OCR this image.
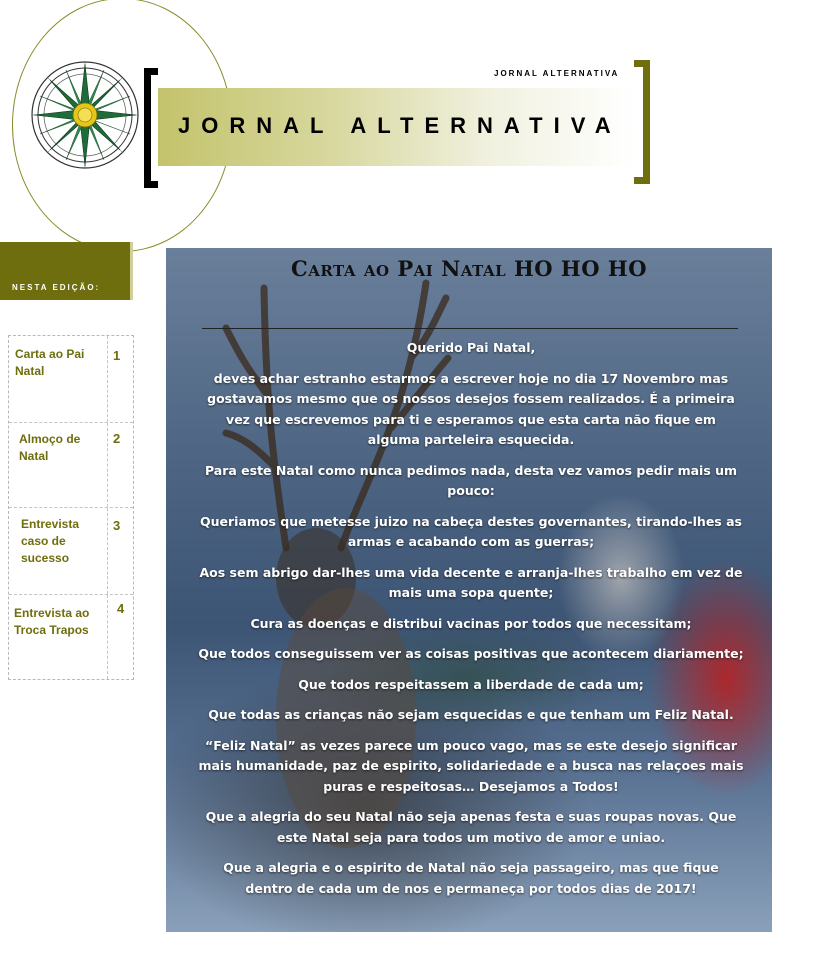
JORNAL ALTERNATIVA
JORNAL ALTERNATIVA
NESTA EDIÇÃO:
Carta ao Pai Natal
1
Almoço de Natal
2
Entrevista caso de sucesso
3
Entrevista ao Troca Trapos
4
Carta ao Pai Natal HO HO HO

Querido Pai Natal,

deves achar estranho estarmos a escrever hoje no dia 17 Novembro mas gostavamos mesmo que os nossos desejos fossem realizados. É a primeira vez que escrevemos para ti e esperamos que esta carta não fique em alguma parteleira esquecida.

Para este Natal como nunca pedimos nada, desta vez vamos pedir mais um pouco:

Queriamos que metesse juizo na cabeça destes governantes, tirando-lhes as armas e acabando com as guerras;

Aos sem abrigo dar-lhes uma vida decente e arranja-lhes trabalho em vez de mais uma sopa quente;

Cura as doenças e distribui vacinas por todos que necessitam;

Que todos conseguissem ver as coisas positivas que acontecem diariamente;

Que todos respeitassem a liberdade de cada um;

Que todas as crianças não sejam esquecidas e que tenham um Feliz Natal.

“Feliz Natal” as vezes parece um pouco vago, mas se este desejo significar mais humanidade, paz de espirito, solidariedade e a busca nas relaçoes mais puras e respeitosas… Desejamos a Todos!

Que a alegria do seu Natal não seja apenas festa e suas roupas novas. Que este Natal seja para todos um motivo de amor e uniao.

Que a alegria e o espirito de Natal não seja passageiro, mas que fique dentro de cada um de nos e permaneça por todos dias de 2017!
